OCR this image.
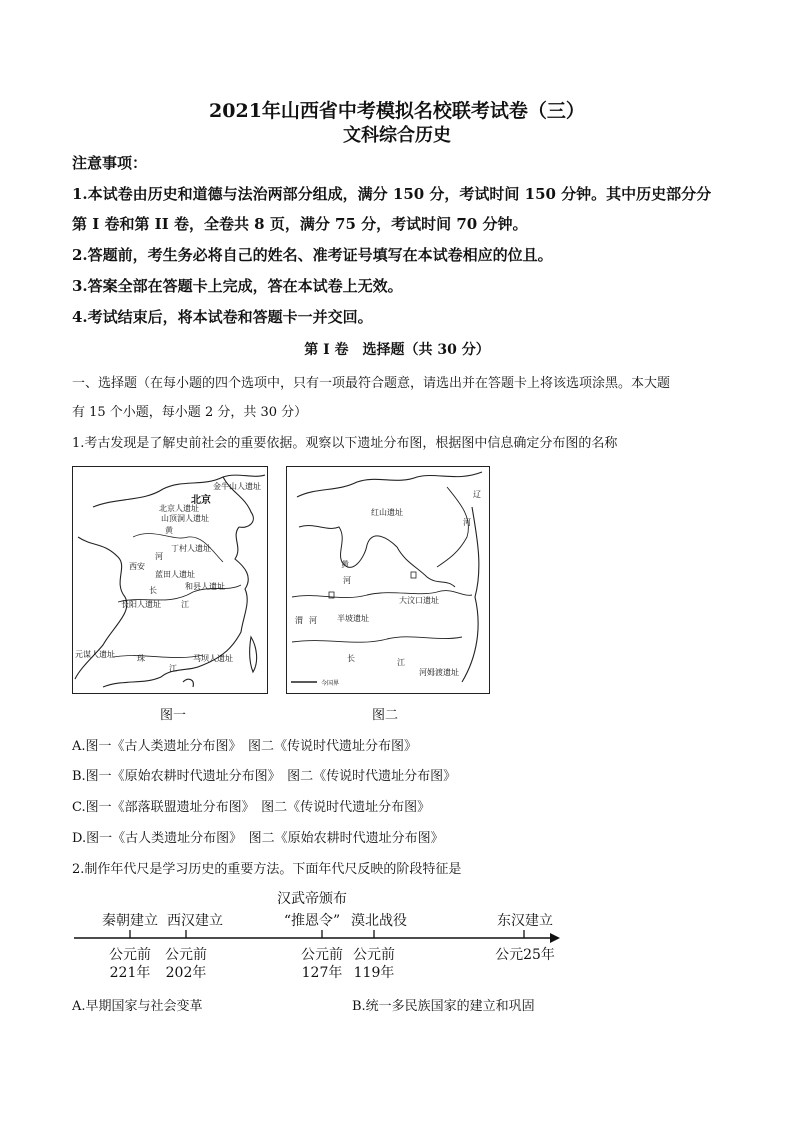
2021年山西省中考模拟名校联考试卷（三）
文科综合历史
注意事项：
1.本试卷由历史和道德与法治两部分组成，满分 150 分，考试时间 150 分钟。其中历史部分分
第 I 卷和第 II 卷，全卷共 8 页，满分 75 分，考试时间 70 分钟。
2.答题前，考生务必将自己的姓名、准考证号填写在本试卷相应的位且。
3.答案全部在答题卡上完成，答在本试卷上无效。
4.考试结束后，将本试卷和答题卡一并交回。
第 I 卷　选择题（共 30 分）
一、选择题（在每小题的四个选项中，只有一项最符合题意，请选出并在答题卡上将该选项涂黑。本大题
有 15 个小题，每小题 2 分，共 30 分）
1.考古发现是了解史前社会的重要依据。观察以下遗址分布图，根据图中信息确定分布图的名称
金牛山人遗址
北京
北京人遗址
山顶洞人遗址
黄
丁村人遗址
河
西安
蓝田人遗址
长	和县人遗址
长阳人遗址	江
元谋人遗址	珠
江
马坝人遗址
图一
辽
红山遗址
河
黄
河
大汶口遗址
渭 河	半坡遗址
长	江
河姆渡遗址
今国界
图二
A.图一《古人类遗址分布图》　图二《传说时代遗址分布图》
B.图一《原始农耕时代遗址分布图》　图二《传说时代遗址分布图》
C.图一《部落联盟遗址分布图》　图二《传说时代遗址分布图》
D.图一《古人类遗址分布图》　图二《原始农耕时代遗址分布图》
2.制作年代尺是学习历史的重要方法。下面年代尺反映的阶段特征是
秦朝建立
公元前
221年
西汉建立
公元前
202年
汉武帝颁布
“推恩令”
公元前
127年
漠北战役
公元前
119年
东汉建立
公元25年
A.早期国家与社会变革	B.统一多民族国家的建立和巩固
